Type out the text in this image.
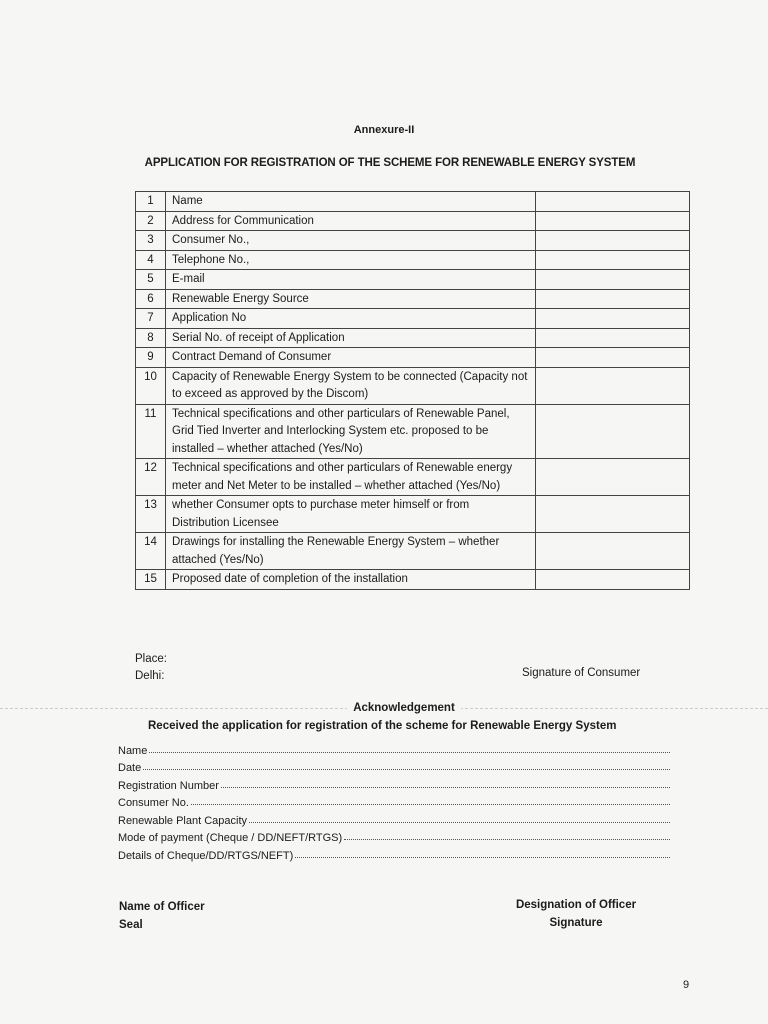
Annexure-II
APPLICATION FOR REGISTRATION OF THE SCHEME FOR RENEWABLE ENERGY SYSTEM
1	Name	
2	Address for Communication	
3	Consumer No.,	
4	Telephone No.,	
5	E-mail	
6	Renewable Energy Source	
7	Application No	
8	Serial No. of receipt of Application	
9	Contract Demand of Consumer	
10	Capacity of Renewable Energy System to be connected (Capacity not to exceed as approved by the Discom)	
11	Technical specifications and other particulars of Renewable Panel, Grid Tied Inverter and Interlocking System etc. proposed to be installed – whether attached (Yes/No)	
12	Technical specifications and other particulars of Renewable energy meter and Net Meter to be installed – whether attached (Yes/No)	
13	whether Consumer opts to purchase meter himself or from Distribution Licensee	
14	Drawings for installing the Renewable Energy System – whether attached (Yes/No)	
15	Proposed date of completion of the installation	
Place:
Delhi:	Signature of Consumer
Acknowledgement
Received the application for registration of the scheme for Renewable Energy System
Name
Date
Registration Number
Consumer No.
Renewable Plant Capacity
Mode of payment (Cheque / DD/NEFT/RTGS)
Details of Cheque/DD/RTGS/NEFT)
Name of Officer
Seal
Designation of Officer
Signature
9
